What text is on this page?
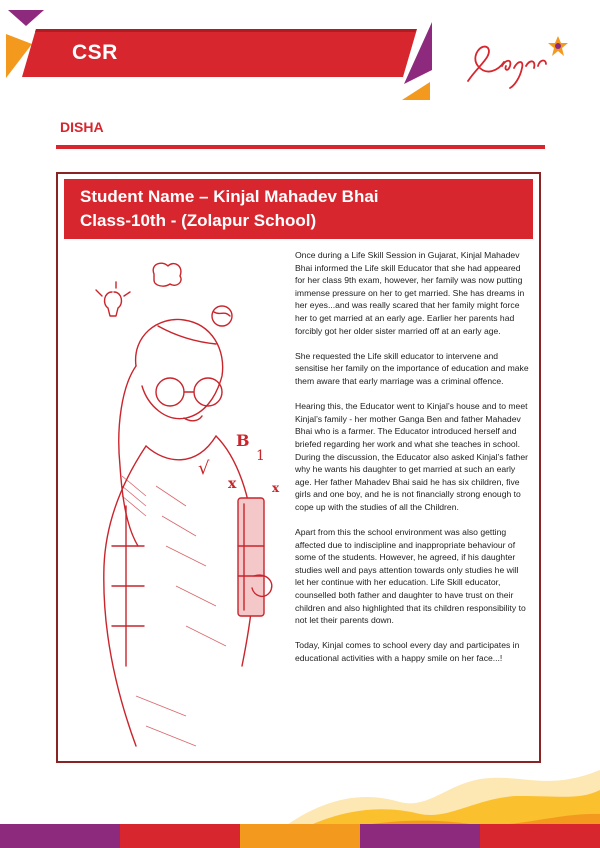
CSR
DISHA
Student Name – Kinjal Mahadev Bhai
Class-10th - (Zolapur School)
B
1
√
x	x

Once during a Life Skill Session in Gujarat, Kinjal Mahadev Bhai informed the Life skill Educator that she had appeared for her class 9th exam, however, her family was now putting immense pressure on her to get married. She has dreams in her eyes...and was really scared that her family might force her to get married at an early age. Earlier her parents had forcibly got her older sister married off at an early age.

She requested the Life skill educator to intervene and sensitise her family on the importance of education and make them aware that early marriage was a criminal offence.

Hearing this, the Educator went to Kinjal’s house and to meet Kinjal’s family - her mother Ganga Ben and father Mahadev Bhai who is a farmer. The Educator introduced herself and briefed regarding her work and what she teaches in school. During the discussion, the Educator also asked Kinjal’s father why he wants his daughter to get married at such an early age. Her father Mahadev Bhai said he has six children, five girls and one boy, and he is not financially strong enough to cope up with the studies of all the Children.

Apart from this the school environment was also getting affected due to indiscipline and inappropriate behaviour of some of the students. However, he agreed, if his daughter studies well and pays attention towards only studies he will let her continue with her education. Life Skill educator, counselled both father and daughter to have trust on their children and also highlighted that its children responsibility to not let their parents down.

Today, Kinjal comes to school every day and participates in educational activities with a happy smile on her face...!
